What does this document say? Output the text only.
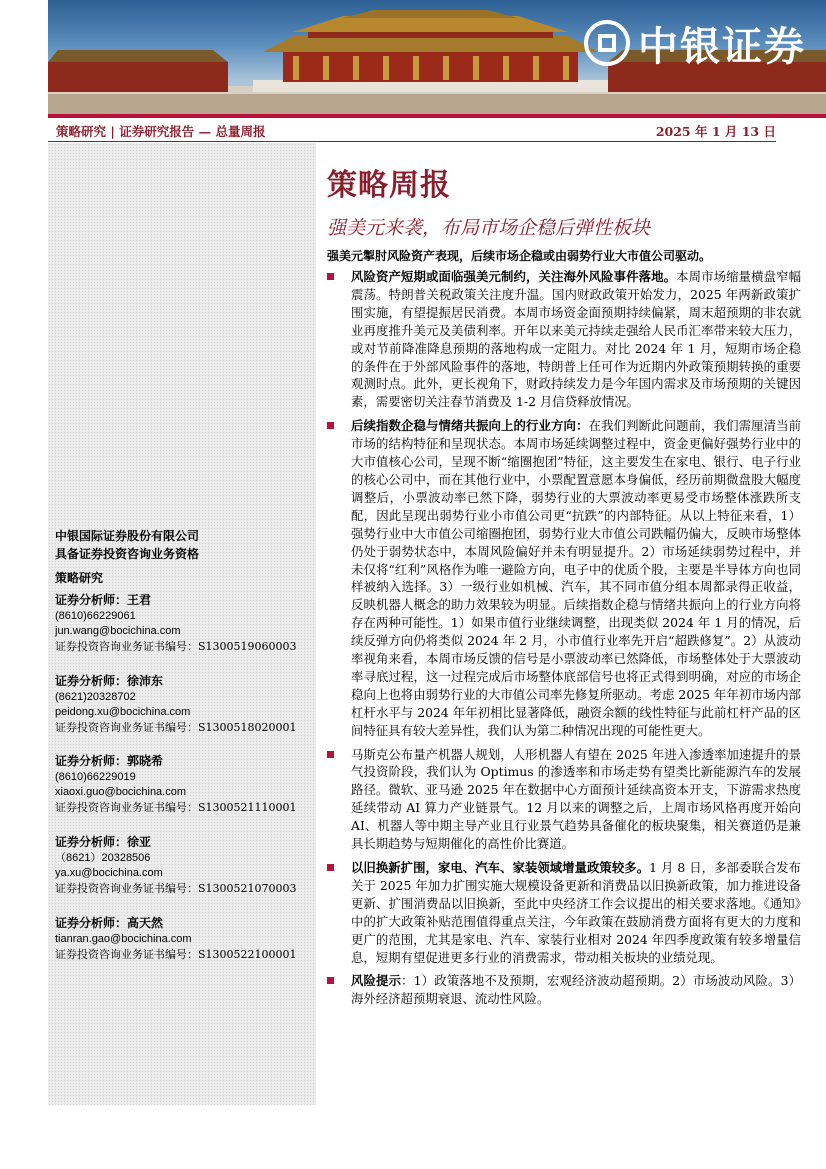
中银证券
策略研究 | 证券研究报告 — 总量周报	2025 年 1 月 13 日
中银国际证券股份有限公司
具备证券投资咨询业务资格
策略研究
证券分析师：王君
(8610)66229061
jun.wang@bocichina.com
证券投资咨询业务证书编号：S1300519060003
证券分析师：徐沛东
(8621)20328702
peidong.xu@bocichina.com
证券投资咨询业务证书编号：S1300518020001
证券分析师：郭晓希
(8610)66229019
xiaoxi.guo@bocichina.com
证券投资咨询业务证书编号：S1300521110001
证券分析师：徐亚
（8621）20328506
ya.xu@bocichina.com
证券投资咨询业务证书编号：S1300521070003
证券分析师：高天然
tianran.gao@bocichina.com
证券投资咨询业务证书编号：S1300522100001
策略周报
强美元来袭，布局市场企稳后弹性板块
强美元掣肘风险资产表现，后续市场企稳或由弱势行业大市值公司驱动。
风险资产短期或面临强美元制约，关注海外风险事件落地。本周市场缩量横盘窄幅震荡。特朗普关税政策关注度升温。国内财政政策开始发力，2025 年两新政策扩围实施，有望提振居民消费。本周市场资金面预期持续偏紧，周末超预期的非农就业再度推升美元及美债利率。开年以来美元持续走强给人民币汇率带来较大压力，或对节前降准降息预期的落地构成一定阻力。对比 2024 年 1 月，短期市场企稳的条件在于外部风险事件的落地，特朗普上任可作为近期内外政策预期转换的重要观测时点。此外，更长视角下，财政持续发力是今年国内需求及市场预期的关键因素，需要密切关注春节消费及 1-2 月信贷释放情况。
后续指数企稳与情绪共振向上的行业方向：在我们判断此问题前，我们需厘清当前市场的结构特征和呈现状态。本周市场延续调整过程中，资金更偏好强势行业中的大市值核心公司，呈现不断“缩圈抱团”特征，这主要发生在家电、银行、电子行业的核心公司中，而在其他行业中，小票配置意愿本身偏低，经历前期微盘股大幅度调整后，小票波动率已然下降，弱势行业的大票波动率更易受市场整体涨跌所支配，因此呈现出弱势行业小市值公司更“抗跌”的内部特征。从以上特征来看，1）强势行业中大市值公司缩圈抱团，弱势行业大市值公司跌幅仍偏大，反映市场整体仍处于弱势状态中，本周风险偏好并未有明显提升。2）市场延续弱势过程中，并未仅将“红利”风格作为唯一避险方向，电子中的优质个股，主要是半导体方向也同样被纳入选择。3）一级行业如机械、汽车，其不同市值分组本周都录得正收益，反映机器人概念的助力效果较为明显。后续指数企稳与情绪共振向上的行业方向将存在两种可能性。1）如果市值行业继续调整，出现类似 2024 年 1 月的情况，后续反弹方向仍将类似 2024 年 2 月，小市值行业率先开启“超跌修复”。2）从波动率视角来看，本周市场反馈的信号是小票波动率已然降低，市场整体处于大票波动率寻底过程，这一过程完成后市场整体底部信号也将正式得到明确，对应的市场企稳向上也将由弱势行业的大市值公司率先修复所驱动。考虑 2025 年年初市场内部杠杆水平与 2024 年年初相比显著降低，融资余额的线性特征与此前杠杆产品的区间特征具有较大差异性，我们认为第二种情况出现的可能性更大。
马斯克公布量产机器人规划，人形机器人有望在 2025 年进入渗透率加速提升的景气投资阶段，我们认为 Optimus 的渗透率和市场走势有望类比新能源汽车的发展路径。微软、亚马逊 2025 年在数据中心方面预计延续高资本开支，下游需求热度延续带动 AI 算力产业链景气。12 月以来的调整之后，上周市场风格再度开始向 AI、机器人等中期主导产业且行业景气趋势具备催化的板块聚集，相关赛道仍是兼具长期趋势与短期催化的高性价比赛道。
以旧换新扩围，家电、汽车、家装领域增量政策较多。1 月 8 日，多部委联合发布关于 2025 年加力扩围实施大规模设备更新和消费品以旧换新政策，加力推进设备更新、扩围消费品以旧换新，至此中央经济工作会议提出的相关要求落地。《通知》中的扩大政策补贴范围值得重点关注，今年政策在鼓励消费方面将有更大的力度和更广的范围，尤其是家电、汽车、家装行业相对 2024 年四季度政策有较多增量信息，短期有望促进更多行业的消费需求，带动相关板块的业绩兑现。
风险提示：1）政策落地不及预期，宏观经济波动超预期。2）市场波动风险。3）海外经济超预期衰退、流动性风险。
